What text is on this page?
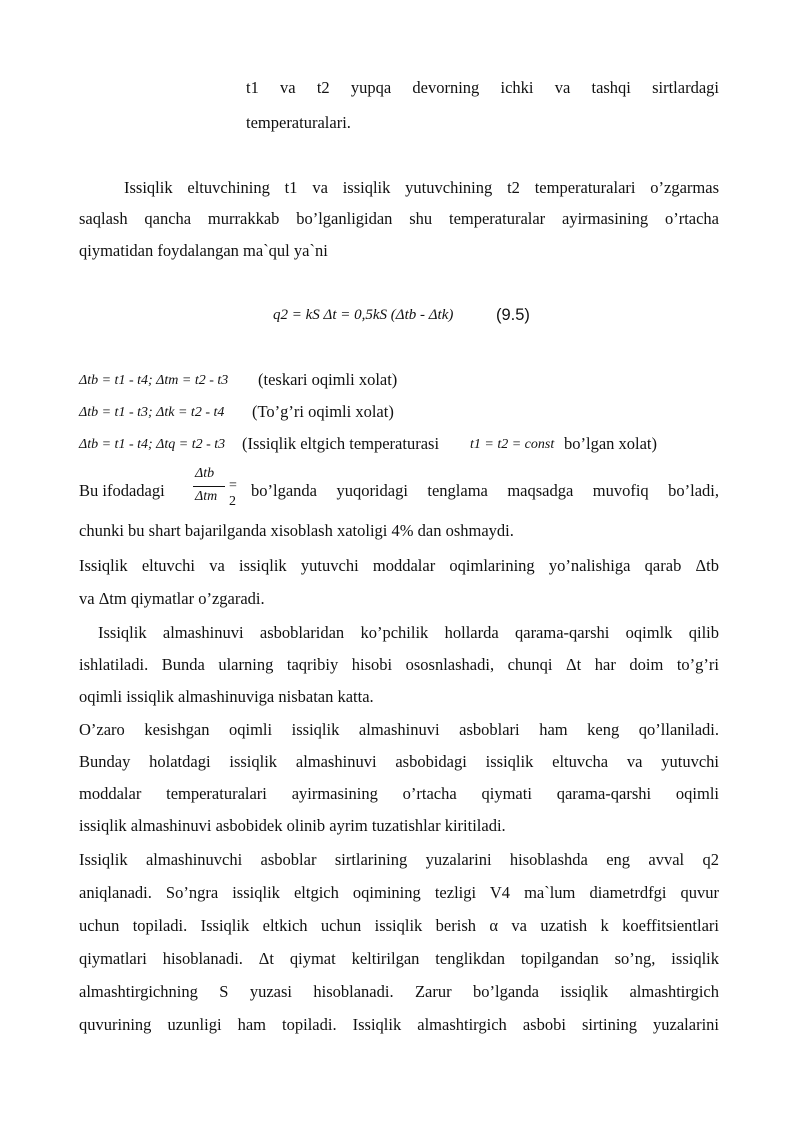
t1 va t2 yupqa devorning ichki va tashqi sirtlardagi
temperaturalari.
Issiqlik eltuvchining t1 va issiqlik yutuvchining t2 temperaturalari o’zgarmas
saqlash qancha murrakkab bo’lganligidan shu temperaturalar ayirmasining o’rtacha
qiymatidan foydalangan ma`qul ya`ni
q2 = kS Δt = 0,5kS (Δtb - Δtk)	(9.5)
Δtb = t1 - t4; Δtm = t2 - t3 (teskari oqimli xolat)
Δtb = t1 - t3; Δtk = t2 - t4 (To’g’ri oqimli xolat)
Δtb = t1 - t4; Δtq = t2 - t3 (Issiqlik eltgich temperaturasi t1 = t2 = const bo’lgan xolat)
Bu ifodadagi
Δtb
Δtm
= 2
bo’lganda yuqoridagi tenglama maqsadga muvofiq bo’ladi,
chunki bu shart bajarilganda xisoblash xatoligi 4% dan oshmaydi.
Issiqlik eltuvchi va issiqlik yutuvchi moddalar oqimlarining yo’nalishiga qarab Δtb
va Δtm qiymatlar o’zgaradi.
Issiqlik almashinuvi asboblaridan ko’pchilik hollarda qarama-qarshi oqimlk qilib
ishlatiladi. Bunda ularning taqribiy hisobi ososnlashadi, chunqi Δt har doim to’g’ri
oqimli issiqlik almashinuviga nisbatan katta.
O’zaro kesishgan oqimli issiqlik almashinuvi asboblari ham keng qo’llaniladi.
Bunday holatdagi issiqlik almashinuvi asbobidagi issiqlik eltuvcha va yutuvchi
moddalar temperaturalari ayirmasining o’rtacha qiymati qarama-qarshi oqimli
issiqlik almashinuvi asbobidek olinib ayrim tuzatishlar kiritiladi.
Issiqlik almashinuvchi asboblar sirtlarining yuzalarini hisoblashda eng avval q2
aniqlanadi. So’ngra issiqlik eltgich oqimining tezligi V4 ma`lum diametrdfgi quvur
uchun topiladi. Issiqlik eltkich uchun issiqlik berish α va uzatish k koeffitsientlari
qiymatlari hisoblanadi. Δt qiymat keltirilgan tenglikdan topilgandan so’ng, issiqlik
almashtirgichning S yuzasi hisoblanadi. Zarur bo’lganda issiqlik almashtirgich
quvurining uzunligi ham topiladi. Issiqlik almashtirgich asbobi sirtining yuzalarini
